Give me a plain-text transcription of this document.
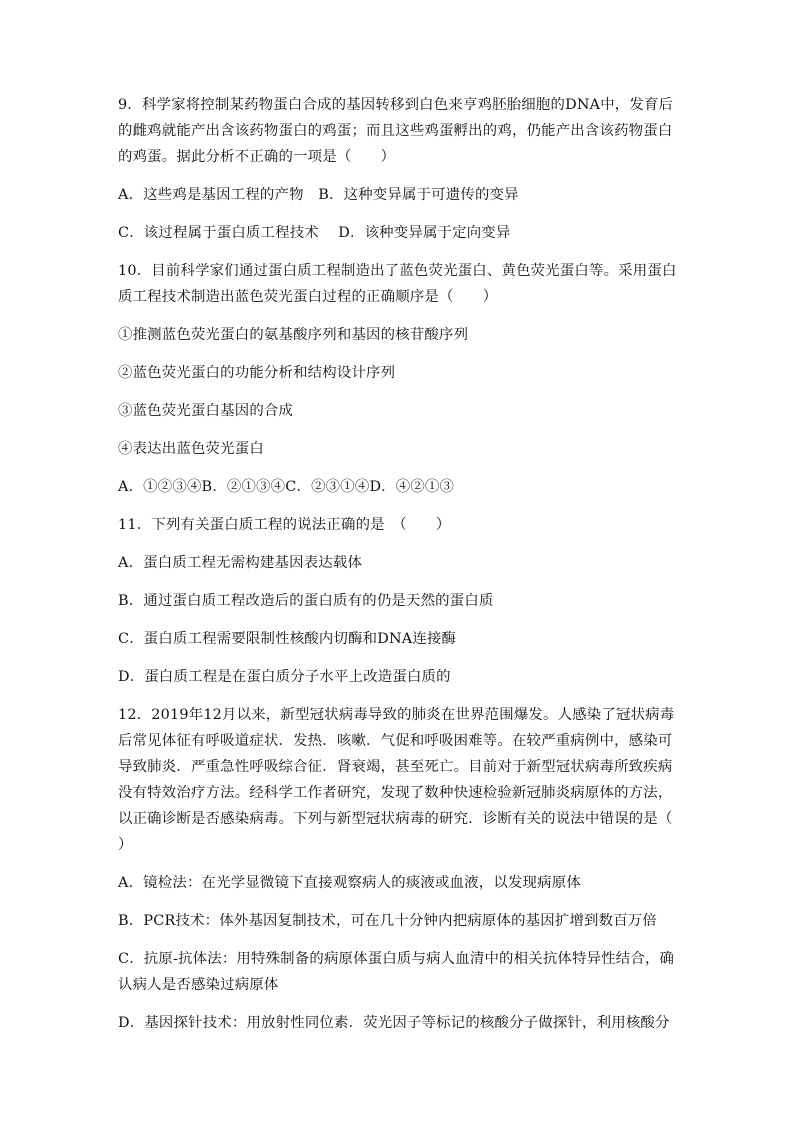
9．科学家将控制某药物蛋白合成的基因转移到白色来亨鸡胚胎细胞的DNA中，发育后的雌鸡就能产出含该药物蛋白的鸡蛋；而且这些鸡蛋孵出的鸡，仍能产出含该药物蛋白的鸡蛋。据此分析不正确的一项是（　　）

A．这些鸡是基因工程的产物　B．这种变异属于可遗传的变异

C．该过程属于蛋白质工程技术　 D．该种变异属于定向变异

10．目前科学家们通过蛋白质工程制造出了蓝色荧光蛋白、黄色荧光蛋白等。采用蛋白质工程技术制造出蓝色荧光蛋白过程的正确顺序是（　　）

①推测蓝色荧光蛋白的氨基酸序列和基因的核苷酸序列

②蓝色荧光蛋白的功能分析和结构设计序列

③蓝色荧光蛋白基因的合成

④表达出蓝色荧光蛋白

A．①②③④B．②①③④C．②③①④D．④②①③

11．下列有关蛋白质工程的说法正确的是　（　　）

A．蛋白质工程无需构建基因表达载体

B．通过蛋白质工程改造后的蛋白质有的仍是天然的蛋白质

C．蛋白质工程需要限制性核酸内切酶和DNA连接酶

D．蛋白质工程是在蛋白质分子水平上改造蛋白质的

12．2019年12月以来，新型冠状病毒导致的肺炎在世界范围爆发。人感染了冠状病毒后常见体征有呼吸道症状．发热．咳嗽．气促和呼吸困难等。在较严重病例中，感染可导致肺炎．严重急性呼吸综合征．肾衰竭，甚至死亡。目前对于新型冠状病毒所致疾病没有特效治疗方法。经科学工作者研究，发现了数种快速检验新冠肺炎病原体的方法，以正确诊断是否感染病毒。下列与新型冠状病毒的研究．诊断有关的说法中错误的是（　　）

A．镜检法：在光学显微镜下直接观察病人的痰液或血液，以发现病原体

B．PCR技术：体外基因复制技术，可在几十分钟内把病原体的基因扩增到数百万倍

C．抗原-抗体法：用特殊制备的病原体蛋白质与病人血清中的相关抗体特异性结合，确认病人是否感染过病原体

D．基因探针技术：用放射性同位素．荧光因子等标记的核酸分子做探针，利用核酸分
